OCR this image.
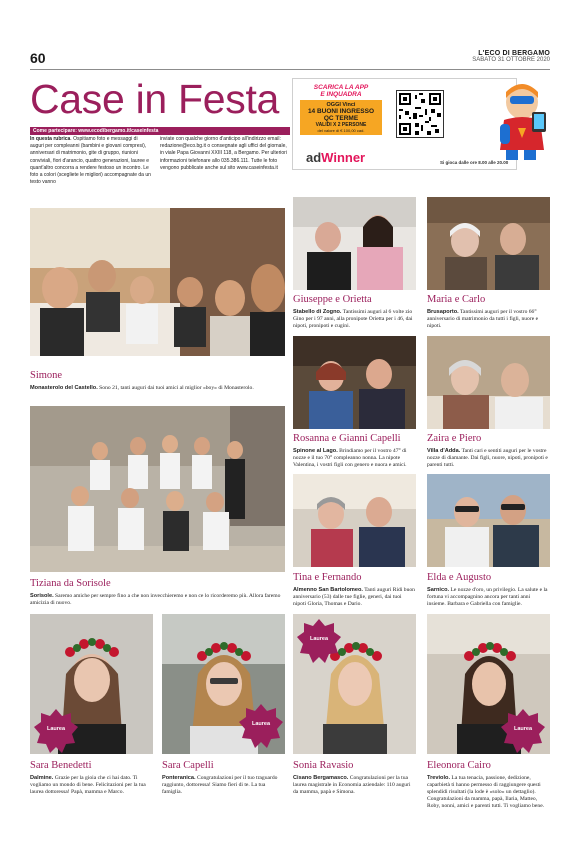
60	L'ECO DI BERGAMO
SABATO 31 OTTOBRE 2020
Case in Festa
Come partecipare: www.ecodibergamo.it/caseinfesta
In questa rubrica. Ospitiamo foto e messaggi di auguri per compleanni (bambini e giovani compresi), anniversari di matrimonio, gite di gruppo, riunioni conviviali, fiori d'arancio, quattro generazioni, lauree e quant'altro concorra a rendere festoso un incontro. Le foto a colori (scegliete le migliori) accompagnate da un testo vanno
inviate con qualche giorno d'anticipo all'indirizzo email: redazione@eco.bg.it o consegnate agli uffici del giornale, in viale Papa Giovanni XXIII 118, a Bergamo. Per ulteriori informazioni telefonare allo 035.386.111. Tutte le foto vengono pubblicate anche sul sito www.caseinfesta.it
SCARICA LA APP
E INQUADRA
OGGI Vinci
14 BUONI INGRESSO
QC TERME
VALIDI X 2 PERSONE
del valore di € 100,00 cad.
adWinner	Si gioca dalle ore 8.00 alle 20.00
Simone
Monasterolo del Castello. Sono 21, tanti auguri dai tuoi amici al miglior «boy» di Monasterolo.
Giuseppe e Orietta
Stabello di Zogno. Tantissimi auguri al 6 volte zio Gino per i 97 anni, alla pronipote Orietta per i 46, dai nipoti, pronipoti e cugini.
Maria e Carlo
Brusaporto. Tantissimi auguri per il vostro 66° anniversario di matrimonio da tutti i figli, nuore e nipoti.
Rosanna e Gianni Capelli
Spinone al Lago. Brindiamo per il vostro 47° di nozze e il tuo 70° compleanno nonna. La nipote Valentina, i vostri figli con genero e nuora e amici.
Zaira e Piero
Villa d'Adda. Tanti cari e sentiti auguri per le vostre nozze di diamante. Dai figli, nuore, nipoti, pronipoti e parenti tutti.
Tiziana da Sorisole
Sorisole. Saremo amiche per sempre fino a che non invecchieremo e non ce lo ricorderemo più. Allora faremo amicizia di nuovo.
Tina e Fernando
Almenno San Bartolomeo. Tanti auguri Ridi buon anniversario (53) dalle tue figlie, generi, dai tuoi nipoti Gloria, Thomas e Dario.
Elda e Augusto
Sarnico. Le nozze d'oro, un privilegio. La salute e la fortuna vi accompagnino ancora per tanti anni insieme. Barbara e Gabriella con famiglie.
Laurea
Sara Benedetti
Dalmine. Grazie per la gioia che ci hai dato. Ti vogliamo un mondo di bene. Felicitazioni per la tua laurea dottoressa! Papà, mamma e Marco.
Laurea
Sara Capelli
Ponteranica. Congratulazioni per il tuo traguardo raggiunto, dottoressa! Siamo fieri di te. La tua famiglia.
Laurea
Sonia Ravasio
Cisano Bergamasco. Congratulazioni per la tua laurea magistrale in Economia aziendale: 110 auguri da mamma, papà e Simona.
Laurea
Eleonora Cairo
Treviolo. La tua tenacia, passione, dedizione, caparbietà ti hanno permesso di raggiungere questi splendidi risultati (la lode è «solo» un dettaglio). Congratulazioni da mamma, papà, Ilaria, Matteo, Roby, nonni, amici e parenti tutti. Ti vogliamo bene.
